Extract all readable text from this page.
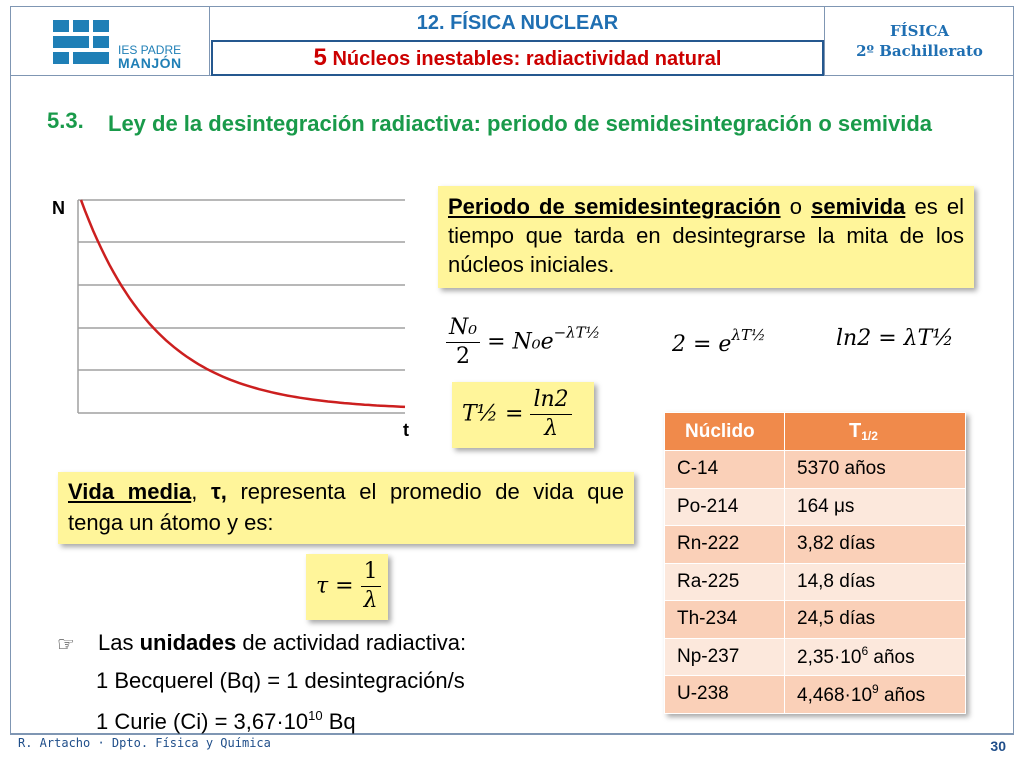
IES PADRE
MANJÓN
12. FÍSICA NUCLEAR
5 Núcleos inestables: radiactividad natural
FÍSICA
2º Bachillerato
5.3. Ley de la desintegración radiactiva: periodo de semidesintegración o semivida
N
t
Periodo de semidesintegración o semivida es el tiempo que tarda en desintegrarse la mita de los núcleos iniciales.
$\frac{\text{N₀}}{2} = N_0e^{-\lambda T\frac{1}{2}}$	$2 = e^{\lambda T\frac{1}{2}}$	ln2 = λT½
T½ = $\frac{\ln 2}{\lambda}$
Vida media, τ, representa el promedio de vida que tenga un átomo y es:
$\tau = \frac{1}{\lambda}$
☞ Las unidades de actividad radiactiva:
1 Becquerel (Bq) = 1 desintegración/s
1 Curie $(Ci) = 3,67\cdot 10^{10}$ Bq
Núclido	T1/2
C-14	5370 años
Po-214	164 μs
Rn-222	3,82 días
Ra-225	14,8 días
Th-234	24,5 días
Np-237	$2,35\cdot 10^6$ años
U-238	$4,468\cdot 10^9$ años
R. Artacho · Dpto. Física y Química	30
